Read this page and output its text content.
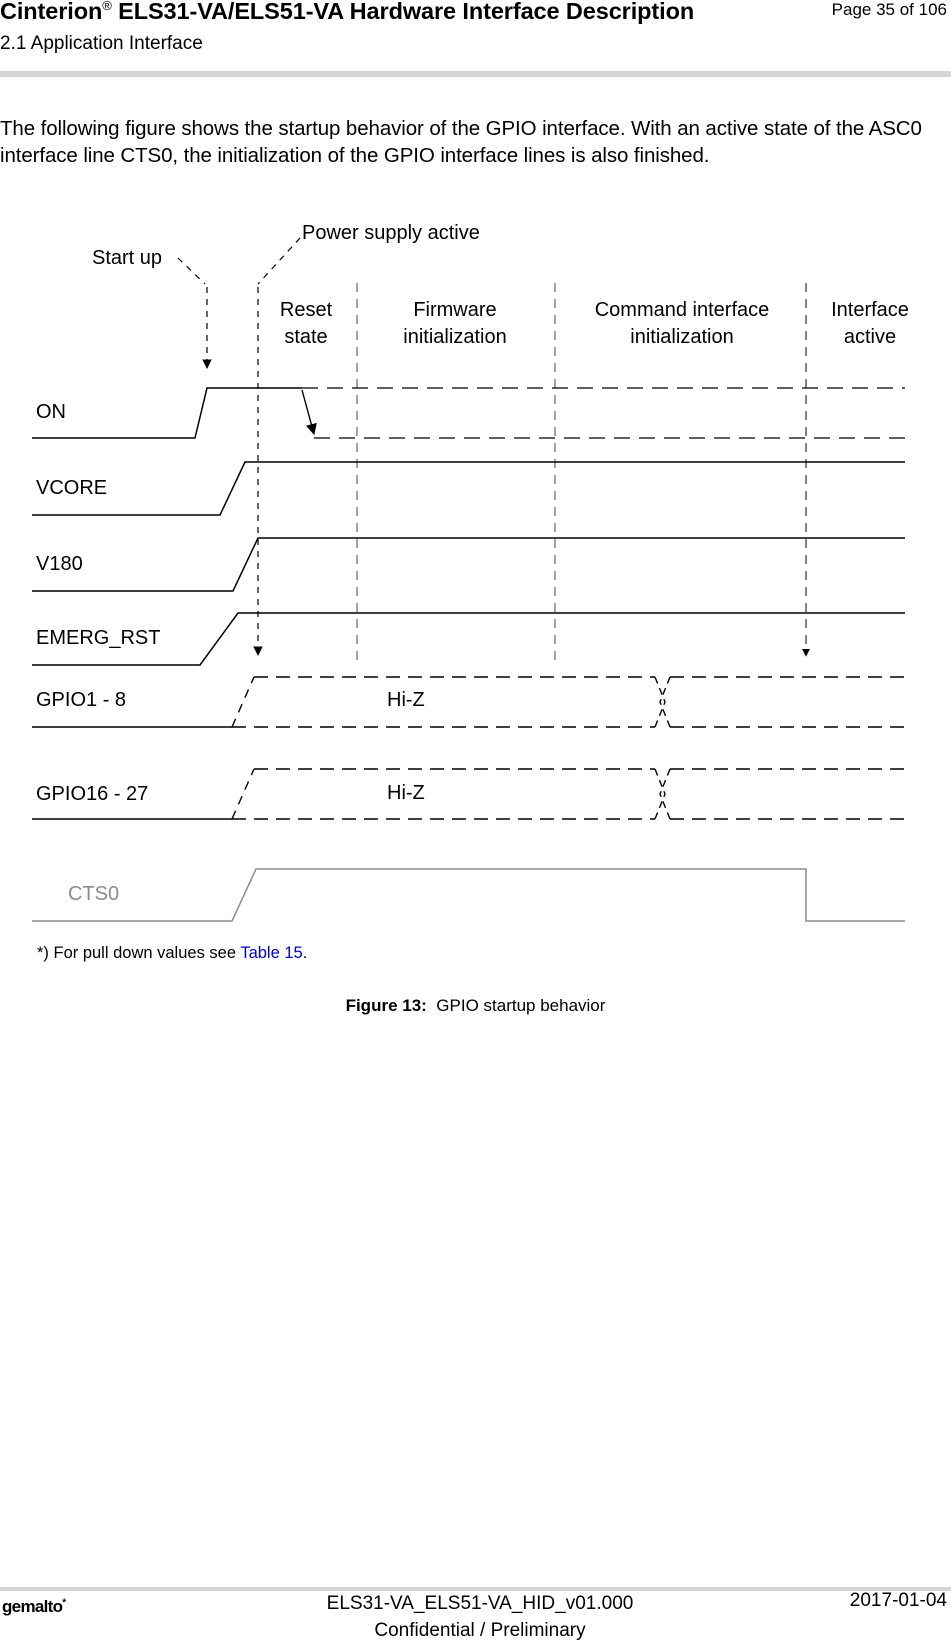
Cinterion® ELS31-VA/ELS51-VA Hardware Interface Description
2.1 Application Interface
Page 35 of 106
The following figure shows the startup behavior of the GPIO interface. With an active state of the ASC0 interface line CTS0, the initialization of the GPIO interface lines is also finished.
Start up
Power supply active
Reset
state
Firmware
initialization
Command interface
initialization
Interface
active
ON
VCORE
V180
EMERG_RST
GPIO1 - 8	Hi-Z
GPIO16 - 27	Hi-Z
CTS0
*) For pull down values see Table 15.
Figure 13: GPIO startup behavior
gemalto*	ELS31-VA_ELS51-VA_HID_v01.000
Confidential / Preliminary
2017-01-04
